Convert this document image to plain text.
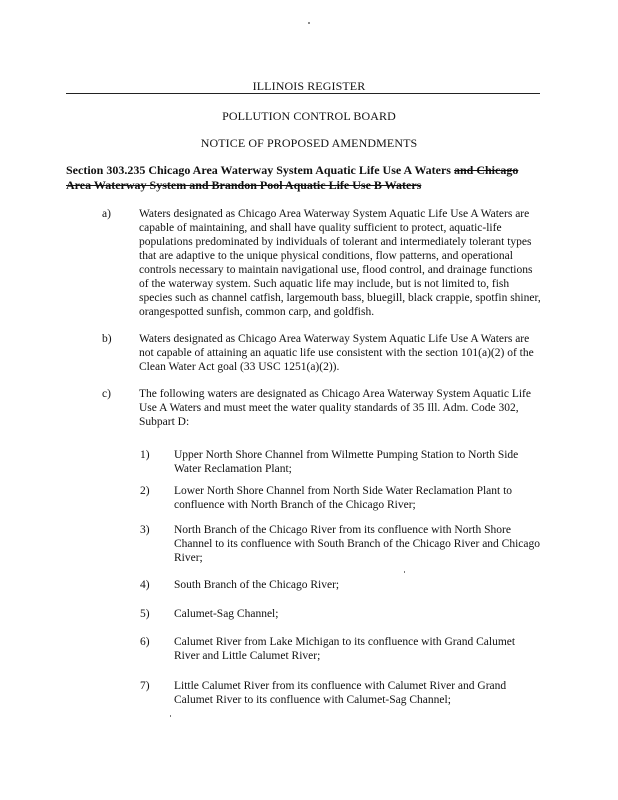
ILLINOIS REGISTER
POLLUTION CONTROL BOARD
NOTICE OF PROPOSED AMENDMENTS
Section 303.235 Chicago Area Waterway System Aquatic Life Use A Waters and Chicago Area Waterway System and Brandon Pool Aquatic Life Use B Waters
a) Waters designated as Chicago Area Waterway System Aquatic Life Use A Waters are capable of maintaining, and shall have quality sufficient to protect, aquatic-life populations predominated by individuals of tolerant and intermediately tolerant types that are adaptive to the unique physical conditions, flow patterns, and operational controls necessary to maintain navigational use, flood control, and drainage functions of the waterway system. Such aquatic life may include, but is not limited to, fish species such as channel catfish, largemouth bass, bluegill, black crappie, spotfin shiner, orangespotted sunfish, common carp, and goldfish.
b) Waters designated as Chicago Area Waterway System Aquatic Life Use A Waters are not capable of attaining an aquatic life use consistent with the section 101(a)(2) of the Clean Water Act goal (33 USC 1251(a)(2)).
c) The following waters are designated as Chicago Area Waterway System Aquatic Life Use A Waters and must meet the water quality standards of 35 Ill. Adm. Code 302, Subpart D:
1) Upper North Shore Channel from Wilmette Pumping Station to North Side Water Reclamation Plant;
2) Lower North Shore Channel from North Side Water Reclamation Plant to confluence with North Branch of the Chicago River;
3) North Branch of the Chicago River from its confluence with North Shore Channel to its confluence with South Branch of the Chicago River and Chicago River;
4) South Branch of the Chicago River;
5) Calumet-Sag Channel;
6) Calumet River from Lake Michigan to its confluence with Grand Calumet River and Little Calumet River;
7) Little Calumet River from its confluence with Calumet River and Grand Calumet River to its confluence with Calumet-Sag Channel;
